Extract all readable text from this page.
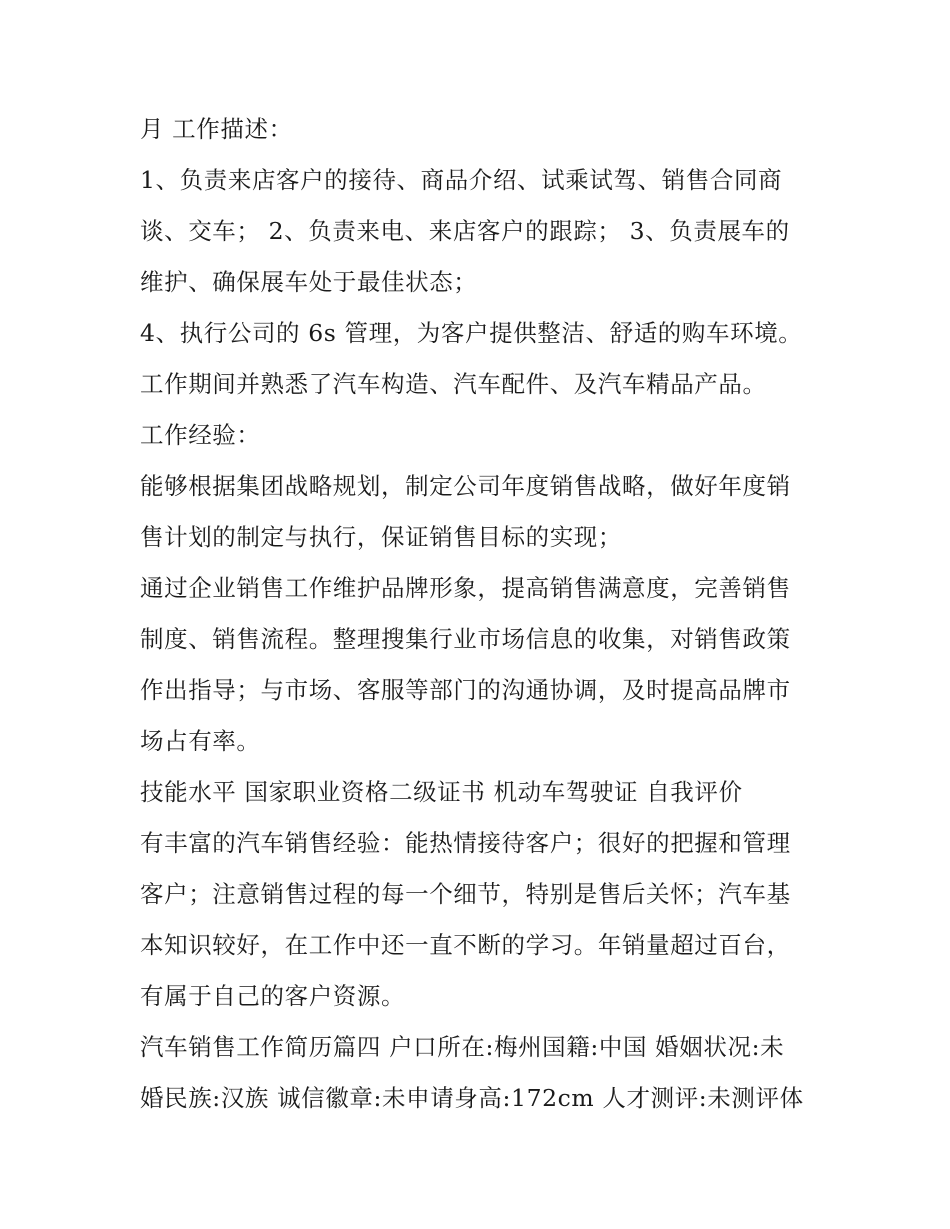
月 工作描述：
1、负责来店客户的接待、商品介绍、试乘试驾、销售合同商
谈、交车； 2、负责来电、来店客户的跟踪； 3、负责展车的
维护、确保展车处于最佳状态；
4、执行公司的 6s 管理，为客户提供整洁、舒适的购车环境。
工作期间并熟悉了汽车构造、汽车配件、及汽车精品产品。
工作经验：
能够根据集团战略规划，制定公司年度销售战略，做好年度销
售计划的制定与执行，保证销售目标的实现；
通过企业销售工作维护品牌形象，提高销售满意度，完善销售
制度、销售流程。整理搜集行业市场信息的收集，对销售政策
作出指导；与市场、客服等部门的沟通协调，及时提高品牌市
场占有率。
技能水平 国家职业资格二级证书 机动车驾驶证 自我评价
有丰富的汽车销售经验：能热情接待客户；很好的把握和管理
客户；注意销售过程的每一个细节，特别是售后关怀；汽车基
本知识较好，在工作中还一直不断的学习。年销量超过百台，
有属于自己的客户资源。
汽车销售工作简历篇四 户口所在:梅州国籍:中国 婚姻状况:未
婚民族:汉族 诚信徽章:未申请身高:172cm 人才测评:未测评体
